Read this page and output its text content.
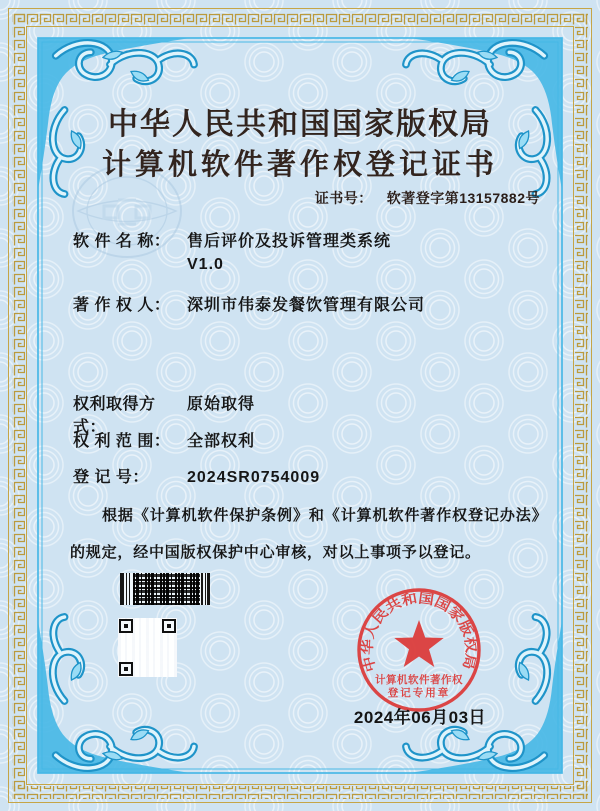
中华人民共和国国家版权局
计算机软件著作权登记证书
证书号： 软著登字第13157882号
软 件 名 称：	售后评价及投诉管理类系统
V1.0
著 作 权 人：	深圳市伟泰发餐饮管理有限公司
权利取得方式：
原始取得
权 利 范 围：	全部权利
登 记 号：	2024SR0754009
根据《计算机软件保护条例》和《计算机软件著作权登记办法》的规定，经中国版权保护中心审核，对以上事项予以登记。
中华人民共和国国家版权局
计算机软件著作权
登记专用章
2024年06月03日
